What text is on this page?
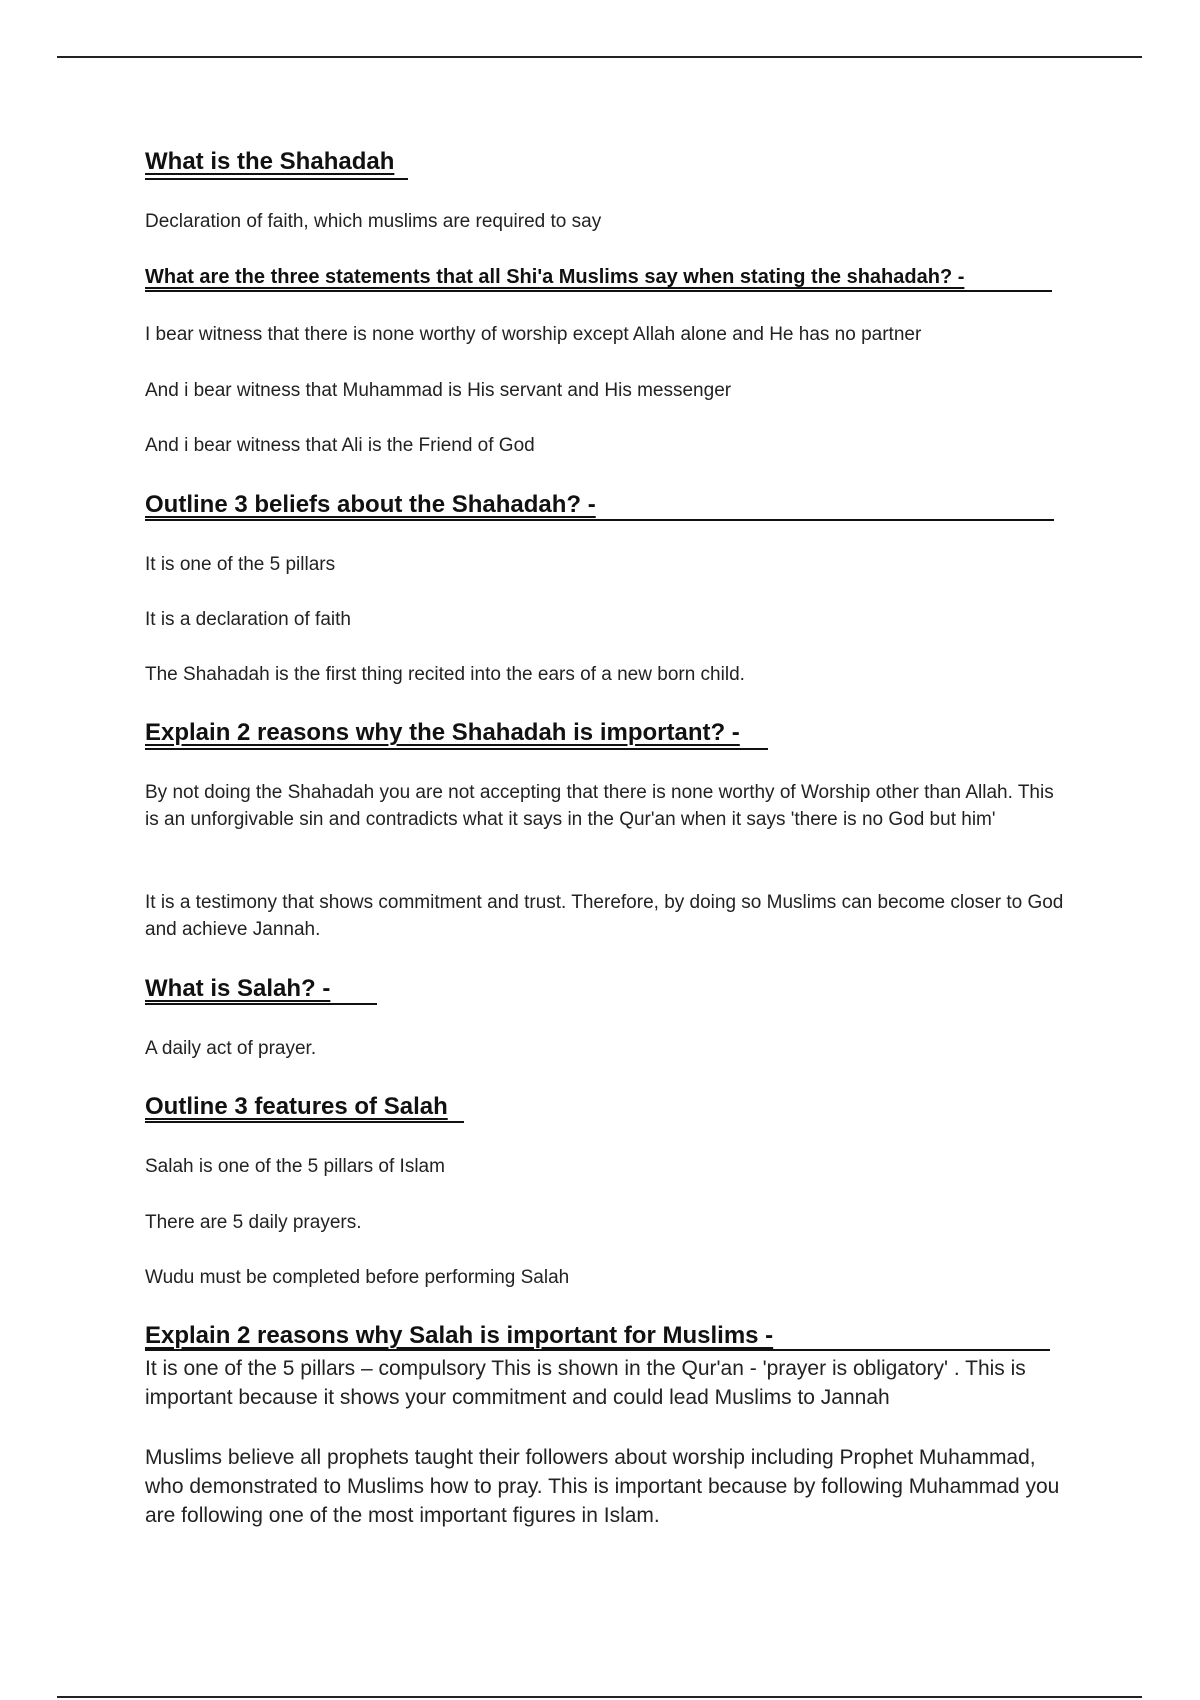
What is the Shahadah

Declaration of faith, which muslims are required to say

What are the three statements that all Shi'a Muslims say when stating the shahadah? -

I bear witness that there is none worthy of worship except Allah alone and He has no partner

And i bear witness that Muhammad is His servant and His messenger

And i bear witness that Ali is the Friend of God

Outline 3 beliefs about the Shahadah? -

It is one of the 5 pillars

It is a declaration of faith

The Shahadah is the first thing recited into the ears of a new born child.

Explain 2 reasons why the Shahadah is important? -

By not doing the Shahadah you are not accepting that there is none worthy of Worship other than Allah. This is an unforgivable sin and contradicts what it says in the Qur'an when it says 'there is no God but him'

It is a testimony that shows commitment and trust. Therefore, by doing so Muslims can become closer to God and achieve Jannah.

What is Salah? -

A daily act of prayer.

Outline 3 features of Salah

Salah is one of the 5 pillars of Islam

There are 5 daily prayers.

Wudu must be completed before performing Salah

Explain 2 reasons why Salah is important for Muslims -

It is one of the 5 pillars – compulsory This is shown in the Qur'an - 'prayer is obligatory' . This is important because it shows your commitment and could lead Muslims to Jannah

Muslims believe all prophets taught their followers about worship including Prophet Muhammad, who demonstrated to Muslims how to pray. This is important because by following Muhammad you are following one of the most important figures in Islam.
